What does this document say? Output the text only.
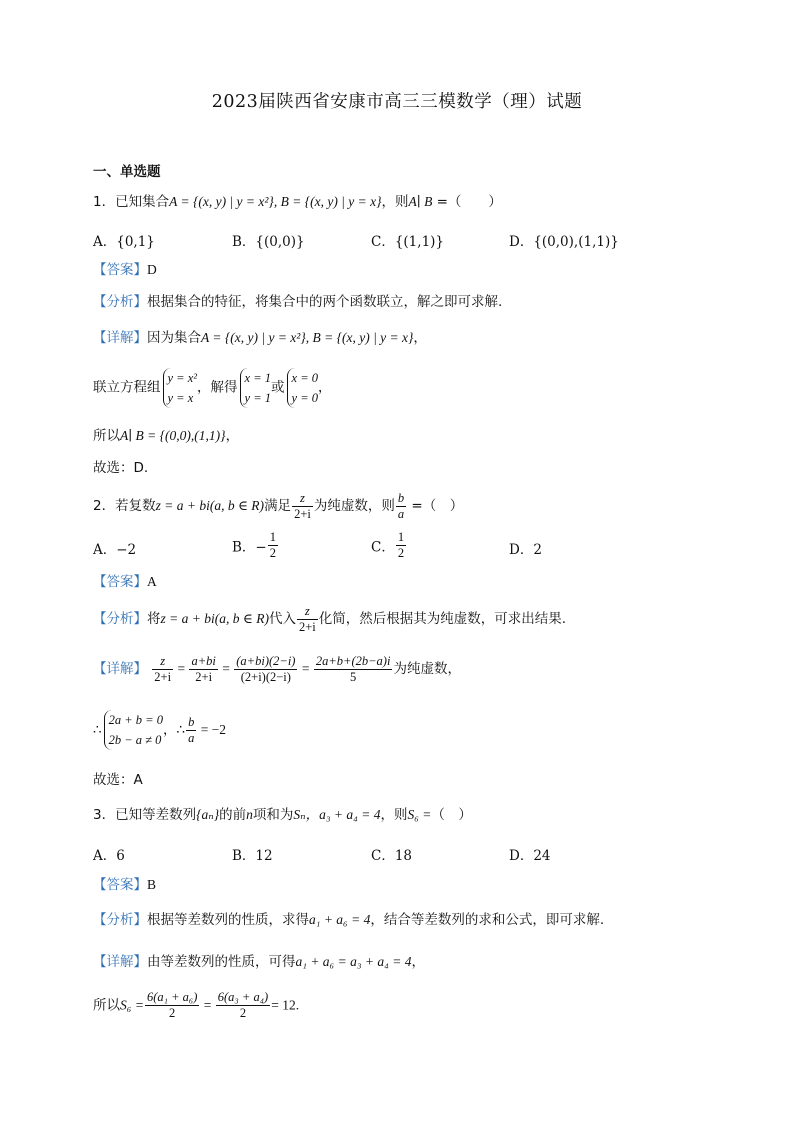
2023届陕西省安康市高三三模数学（理）试题
一、单选题
1．已知集合A = {(x, y) | y = x²}, B = {(x, y) | y = x}，则A∣ B =（　　）
A．{0,1}	B．{(0,0)}	C．{(1,1)}	D．{(0,0),(1,1)}
【答案】D
【分析】根据集合的特征，将集合中的两个函数联立，解之即可求解.
【详解】因为集合A = {(x, y) | y = x²}, B = {(x, y) | y = x}，
联立方程组
y = x²
y = x
，解得
x = 1
y = 1
或
x = 0
y = 0
，
所以A∣ B = {(0,0),(1,1)}，
故选：D.
2．若复数z = a + bi(a, b ∈ R)满足 $\frac{z}{2+i}$ 为纯虚数，则 $\frac{b}{a}$ =（　）
A．−2	B．− $\frac{1}{2}$	C． $\frac{1}{2}$	D．2
【答案】A
【分析】将z = a + bi(a, b ∈ R)代入 $\frac{z}{2+i}$ 化简，然后根据其为纯虚数，可求出结果.
【详解】 $\frac{z}{2+i} = \frac{a+bi}{2+i} = \frac{(a+bi)(2-i)}{(2+i)(2-i)} = \frac{2a+b+(2b-a)i}{5}$ 为纯虚数，
∴
2a + b = 0
2b − a ≠ 0
，∴ $\frac{b}{a} = -2$
故选：A
3．已知等差数列{aₙ}的前n项和为Sₙ，a₃ + a₄ = 4，则S₆ =（　）
A．6	B．12	C．18	D．24
【答案】B
【分析】根据等差数列的性质，求得a₁ + a₆ = 4，结合等差数列的求和公式，即可求解.
【详解】由等差数列的性质，可得a₁ + a₆ = a₃ + a₄ = 4，
所以$S_6 = \frac{\text{6(a₁ + a₆)}}{2} = \frac{\text{6(a₃ + a₄)}}{2} = 12$.
